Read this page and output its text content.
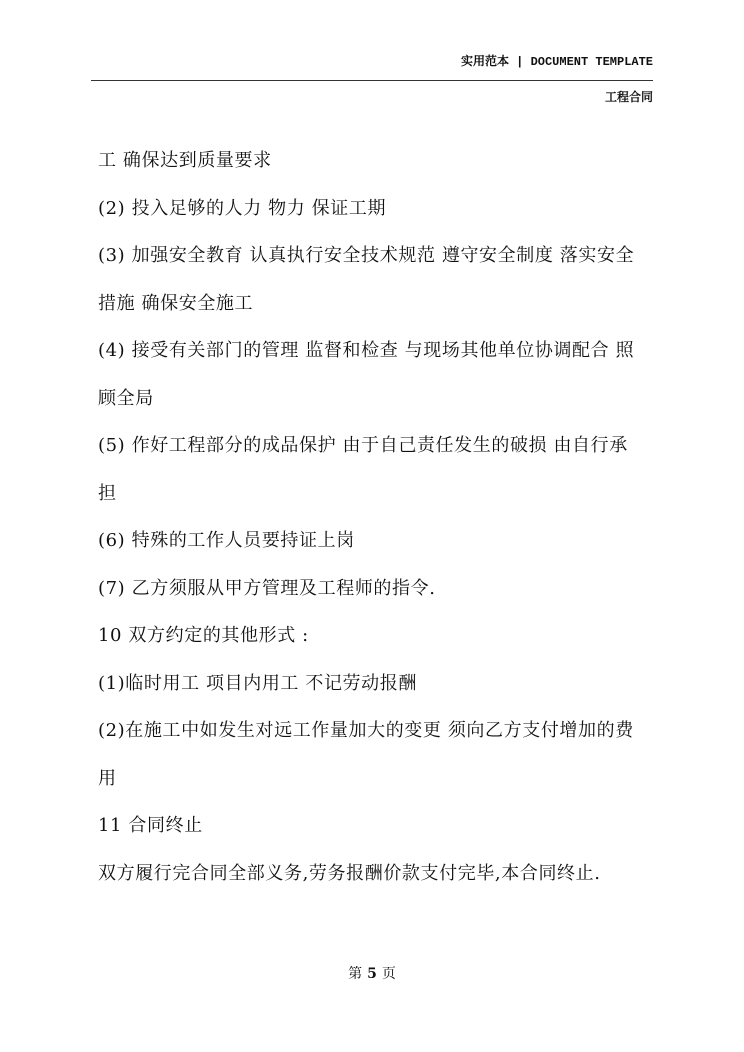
实用范本 | DOCUMENT TEMPLATE
工程合同

工 确保达到质量要求

(2) 投入足够的人力 物力 保证工期

(3) 加强安全教育 认真执行安全技术规范 遵守安全制度 落实安全

措施 确保安全施工

(4) 接受有关部门的管理 监督和检查 与现场其他单位协调配合 照

顾全局

(5) 作好工程部分的成品保护 由于自己责任发生的破损 由自行承

担

(6) 特殊的工作人员要持证上岗

(7) 乙方须服从甲方管理及工程师的指令.

10 双方约定的其他形式 :

(1)临时用工 项目内用工 不记劳动报酬

(2)在施工中如发生对远工作量加大的变更 须向乙方支付增加的费

用

11 合同终止

双方履行完合同全部义务,劳务报酬价款支付完毕,本合同终止.

第 5 页
